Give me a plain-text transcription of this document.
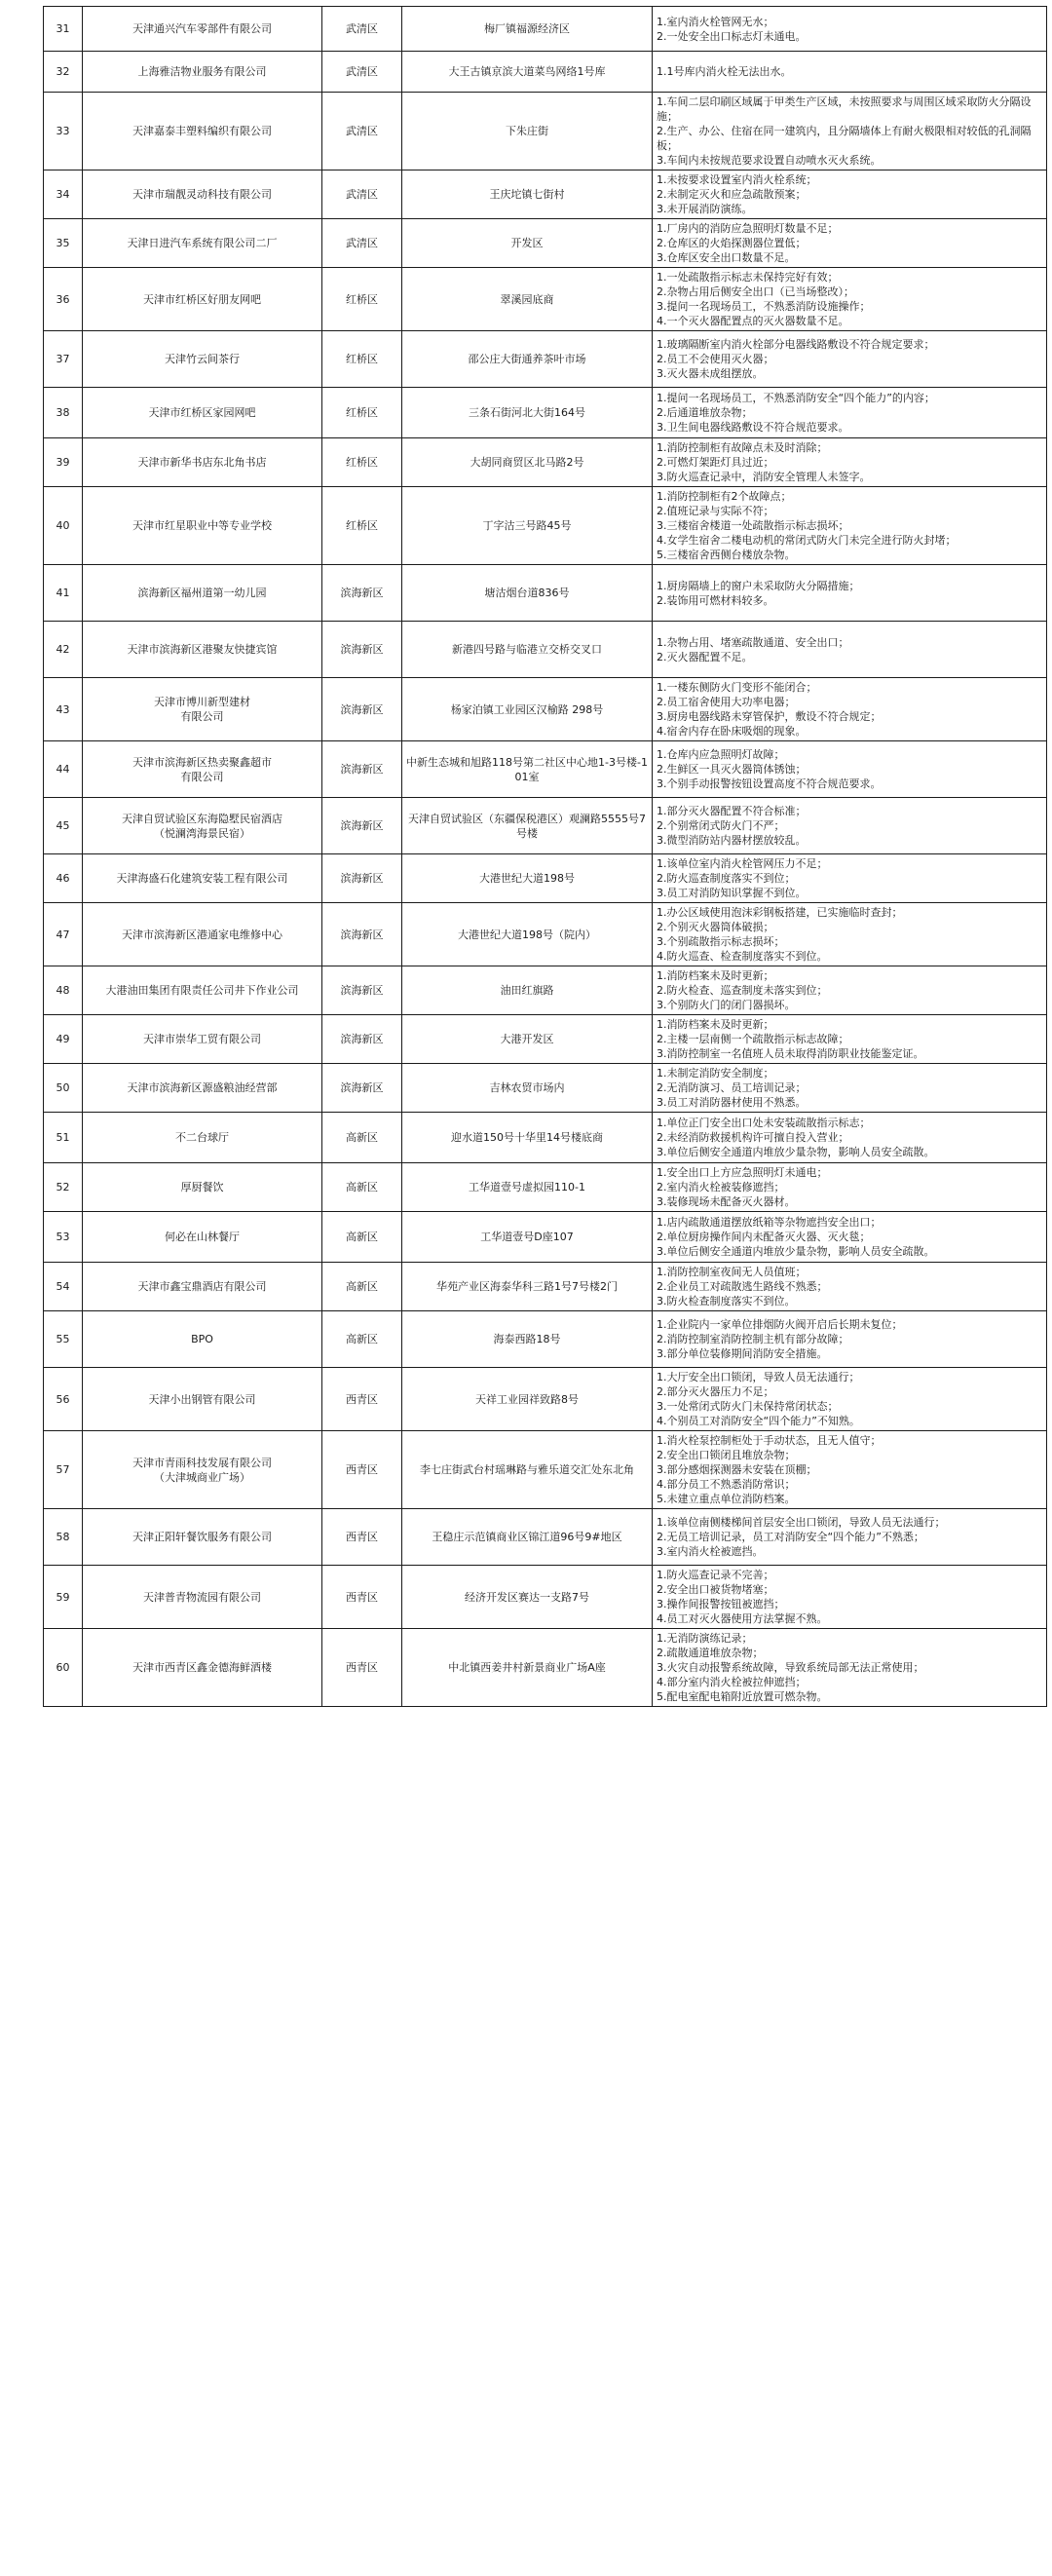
31	天津通兴汽车零部件有限公司	武清区	梅厂镇福源经济区	1.室内消火栓管网无水；
2.一处安全出口标志灯未通电。

32	上海雅洁物业服务有限公司	武清区	大王古镇京滨大道菜鸟网络1号库	1.1号库内消火栓无法出水。

33	天津嘉泰丰塑料编织有限公司	武清区	下朱庄街	1.车间二层印刷区域属于甲类生产区域，未按照要求与周围区域采取防火分隔设施；
2.生产、办公、住宿在同一建筑内，且分隔墙体上有耐火极限相对较低的孔洞隔板；
3.车间内未按规范要求设置自动喷水灭火系统。

34	天津市瑞靓灵动科技有限公司	武清区	王庆坨镇七街村	1.未按要求设置室内消火栓系统；
2.未制定灭火和应急疏散预案；
3.未开展消防演练。

35	天津日进汽车系统有限公司二厂	武清区	开发区	1.厂房内的消防应急照明灯数量不足；
2.仓库区的火焰探测器位置低；
3.仓库区安全出口数量不足。

36	天津市红桥区好朋友网吧	红桥区	翠溪园底商	1.一处疏散指示标志未保持完好有效；
2.杂物占用后侧安全出口（已当场整改）；
3.提问一名现场员工，不熟悉消防设施操作；
4.一个灭火器配置点的灭火器数量不足。

37	天津竹云间茶行	红桥区	邵公庄大街通养茶叶市场	1.玻璃隔断室内消火栓部分电器线路敷设不符合规定要求；
2.员工不会使用灭火器；
3.灭火器未成组摆放。

38	天津市红桥区家园网吧	红桥区	三条石街河北大街164号	1.提问一名现场员工，不熟悉消防安全“四个能力”的内容；
2.后通道堆放杂物；
3.卫生间电器线路敷设不符合规范要求。

39	天津市新华书店东北角书店	红桥区	大胡同商贸区北马路2号	1.消防控制柜有故障点未及时消除；
2.可燃灯架距灯具过近；
3.防火巡查记录中，消防安全管理人未签字。

40	天津市红星职业中等专业学校	红桥区	丁字沽三号路45号	1.消防控制柜有2个故障点；
2.值班记录与实际不符；
3.三楼宿舍楼道一处疏散指示标志损坏；
4.女学生宿舍二楼电动机的常闭式防火门未完全进行防火封堵；
5.三楼宿舍西侧台楼放杂物。

41	滨海新区福州道第一幼儿园	滨海新区	塘沽烟台道836号	1.厨房隔墙上的窗户未采取防火分隔措施；
2.装饰用可燃材料较多。

42	天津市滨海新区港聚友快捷宾馆	滨海新区	新港四号路与临港立交桥交叉口	1.杂物占用、堵塞疏散通道、安全出口；
2.灭火器配置不足。

43	天津市博川新型建材
有限公司	滨海新区	杨家泊镇工业园区汉榆路 298号	1.一楼东侧防火门变形不能闭合；
2.员工宿舍使用大功率电器；
3.厨房电器线路未穿管保护，敷设不符合规定；
4.宿舍内存在卧床吸烟的现象。

44	天津市滨海新区热卖聚鑫超市
有限公司	滨海新区	中新生态城和旭路118号第二社区中心地1-3号楼-101室	1.仓库内应急照明灯故障；
2.生鲜区一具灭火器筒体锈蚀；
3.个别手动报警按钮设置高度不符合规范要求。

45	天津自贸试验区东海隐墅民宿酒店
（悦澜湾海景民宿）	滨海新区	天津自贸试验区（东疆保税港区）观澜路5555号7号楼	1.部分灭火器配置不符合标准；
2.个别常闭式防火门不严；
3.微型消防站内器材摆放较乱。

46	天津海盛石化建筑安装工程有限公司	滨海新区	大港世纪大道198号	1.该单位室内消火栓管网压力不足；
2.防火巡查制度落实不到位；
3.员工对消防知识掌握不到位。

47	天津市滨海新区港通家电维修中心	滨海新区	大港世纪大道198号（院内）	1.办公区域使用泡沫彩钢板搭建，已实施临时查封；
2.个别灭火器筒体破损；
3.个别疏散指示标志损坏；
4.防火巡查、检查制度落实不到位。

48	大港油田集团有限责任公司井下作业公司	滨海新区	油田红旗路	1.消防档案未及时更新；
2.防火检查、巡查制度未落实到位；
3.个别防火门的闭门器损坏。

49	天津市崇华工贸有限公司	滨海新区	大港开发区	1.消防档案未及时更新；
2.主楼一层南侧一个疏散指示标志故障；
3.消防控制室一名值班人员未取得消防职业技能鉴定证。

50	天津市滨海新区源盛粮油经营部	滨海新区	吉林农贸市场内	1.未制定消防安全制度；
2.无消防演习、员工培训记录；
3.员工对消防器材使用不熟悉。

51	不二台球厅	高新区	迎水道150号十华里14号楼底商	1.单位正门安全出口处未安装疏散指示标志；
2.未经消防救援机构许可擅自投入营业；
3.单位后侧安全通道内堆放少量杂物，影响人员安全疏散。

52	厚厨餐饮	高新区	工华道壹号虚拟园110-1	1.安全出口上方应急照明灯未通电；
2.室内消火栓被装修遮挡；
3.装修现场未配备灭火器材。

53	何必在山林餐厅	高新区	工华道壹号D座107	1.店内疏散通道摆放纸箱等杂物遮挡安全出口；
2.单位厨房操作间内未配备灭火器、灭火毯；
3.单位后侧安全通道内堆放少量杂物，影响人员安全疏散。

54	天津市鑫宝鼎酒店有限公司	高新区	华苑产业区海泰华科三路1号7号楼2门	1.消防控制室夜间无人员值班；
2.企业员工对疏散逃生路线不熟悉；
3.防火检查制度落实不到位。

55	BPO	高新区	海泰西路18号	1.企业院内一家单位排烟防火阀开启后长期未复位；
2.消防控制室消防控制主机有部分故障；
3.部分单位装修期间消防安全措施。

56	天津小出钢管有限公司	西青区	天祥工业园祥致路8号	1.大厅安全出口锁闭，导致人员无法通行；
2.部分灭火器压力不足；
3.一处常闭式防火门未保持常闭状态；
4.个别员工对消防安全“四个能力”不知熟。

57	天津市青雨科技发展有限公司
（大津城商业广场）	西青区	李七庄街武台村瑶琳路与雅乐道交汇处东北角	1.消火栓泵控制柜处于手动状态，且无人值守；
2.安全出口锁闭且堆放杂物；
3.部分感烟探测器未安装在顶棚；
4.部分员工不熟悉消防常识；
5.未建立重点单位消防档案。

58	天津正阳轩餐饮服务有限公司	西青区	王稳庄示范镇商业区锦江道96号9#地区	1.该单位南侧楼梯间首层安全出口锁闭，导致人员无法通行；
2.无员工培训记录，员工对消防安全“四个能力”不熟悉；
3.室内消火栓被遮挡。

59	天津普青物流园有限公司	西青区	经济开发区赛达一支路7号	1.防火巡查记录不完善；
2.安全出口被货物堵塞；
3.操作间报警按钮被遮挡；
4.员工对灭火器使用方法掌握不熟。

60	天津市西青区鑫金德海鲜酒楼	西青区	中北镇西姜井村新景商业广场A座	1.无消防演练记录；
2.疏散通道堆放杂物；
3.火灾自动报警系统故障，导致系统局部无法正常使用；
4.部分室内消火栓被拉伸遮挡；
5.配电室配电箱附近放置可燃杂物。
